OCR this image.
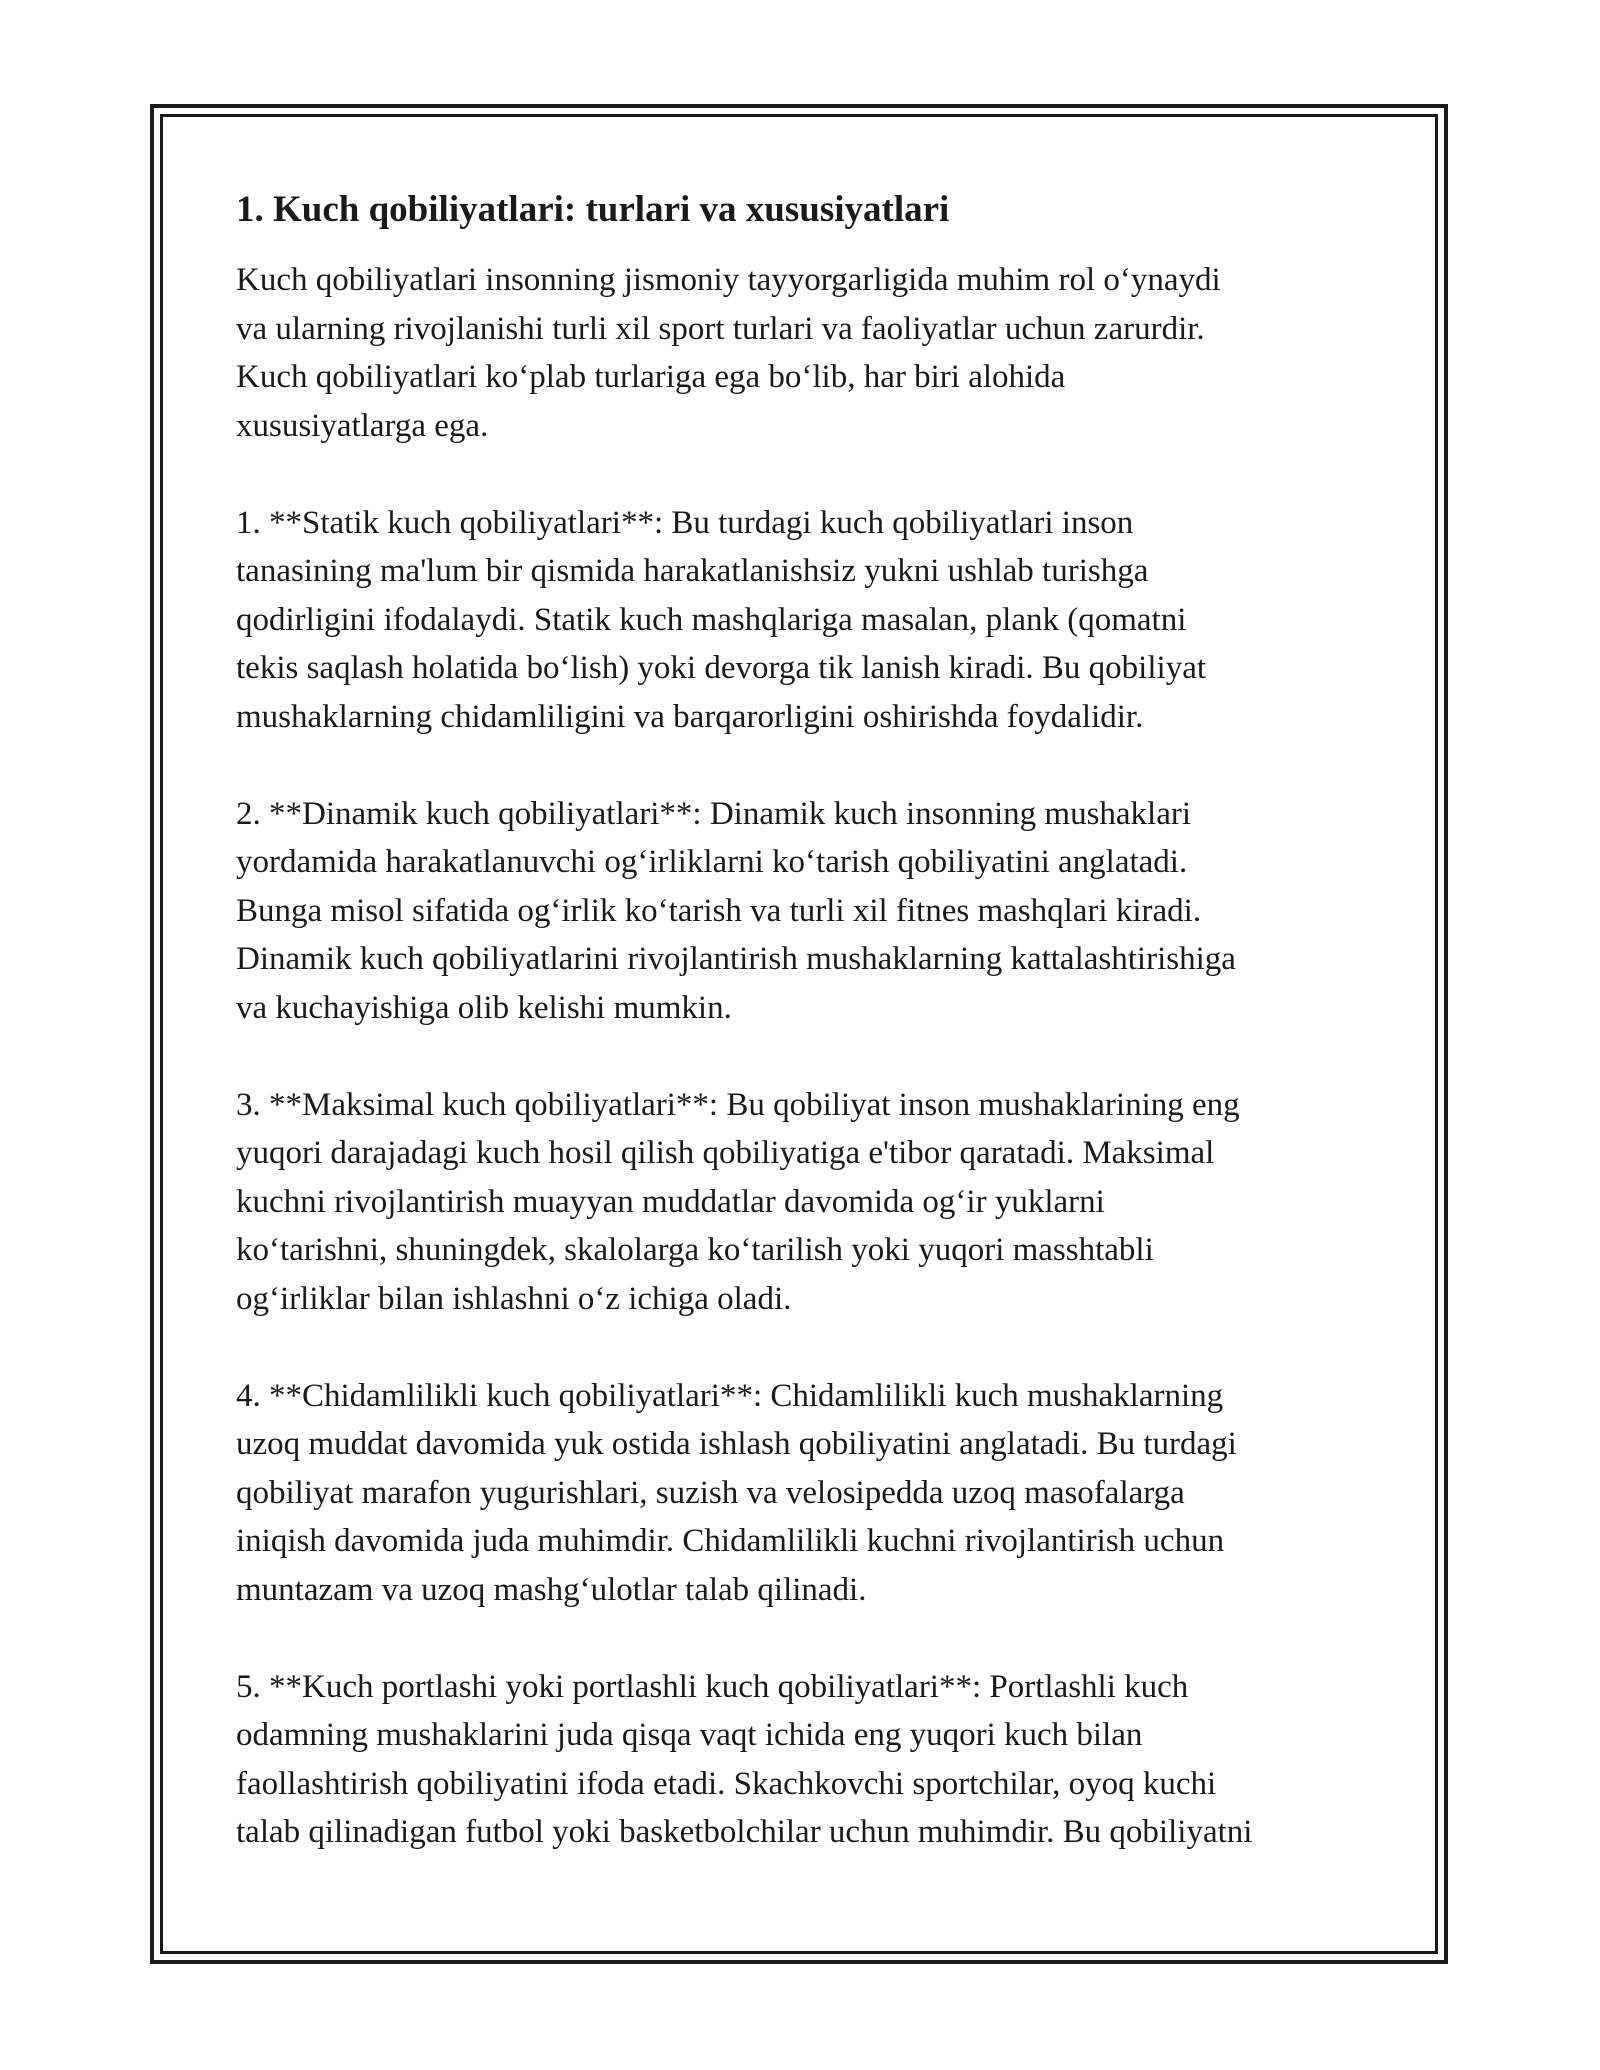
1. Kuch qobiliyatlari: turlari va xususiyatlari

Kuch qobiliyatlari insonning jismoniy tayyorgarligida muhim rol o‘ynaydi
va ularning rivojlanishi turli xil sport turlari va faoliyatlar uchun zarurdir.
Kuch qobiliyatlari ko‘plab turlariga ega bo‘lib, har biri alohida
xususiyatlarga ega.

1. **Statik kuch qobiliyatlari**: Bu turdagi kuch qobiliyatlari inson
tanasining ma'lum bir qismida harakatlanishsiz yukni ushlab turishga
qodirligini ifodalaydi. Statik kuch mashqlariga masalan, plank (qomatni
tekis saqlash holatida bo‘lish) yoki devorga tik lanish kiradi. Bu qobiliyat
mushaklarning chidamliligini va barqarorligini oshirishda foydalidir.

2. **Dinamik kuch qobiliyatlari**: Dinamik kuch insonning mushaklari
yordamida harakatlanuvchi og‘irliklarni ko‘tarish qobiliyatini anglatadi.
Bunga misol sifatida og‘irlik ko‘tarish va turli xil fitnes mashqlari kiradi.
Dinamik kuch qobiliyatlarini rivojlantirish mushaklarning kattalashtirishiga
va kuchayishiga olib kelishi mumkin.

3. **Maksimal kuch qobiliyatlari**: Bu qobiliyat inson mushaklarining eng
yuqori darajadagi kuch hosil qilish qobiliyatiga e'tibor qaratadi. Maksimal
kuchni rivojlantirish muayyan muddatlar davomida og‘ir yuklarni
ko‘tarishni, shuningdek, skalolarga ko‘tarilish yoki yuqori masshtabli
og‘irliklar bilan ishlashni o‘z ichiga oladi.

4. **Chidamlilikli kuch qobiliyatlari**: Chidamlilikli kuch mushaklarning
uzoq muddat davomida yuk ostida ishlash qobiliyatini anglatadi. Bu turdagi
qobiliyat marafon yugurishlari, suzish va velosipedda uzoq masofalarga
iniqish davomida juda muhimdir. Chidamlilikli kuchni rivojlantirish uchun
muntazam va uzoq mashg‘ulotlar talab qilinadi.

5. **Kuch portlashi yoki portlashli kuch qobiliyatlari**: Portlashli kuch
odamning mushaklarini juda qisqa vaqt ichida eng yuqori kuch bilan
faollashtirish qobiliyatini ifoda etadi. Skachkovchi sportchilar, oyoq kuchi
talab qilinadigan futbol yoki basketbolchilar uchun muhimdir. Bu qobiliyatni
